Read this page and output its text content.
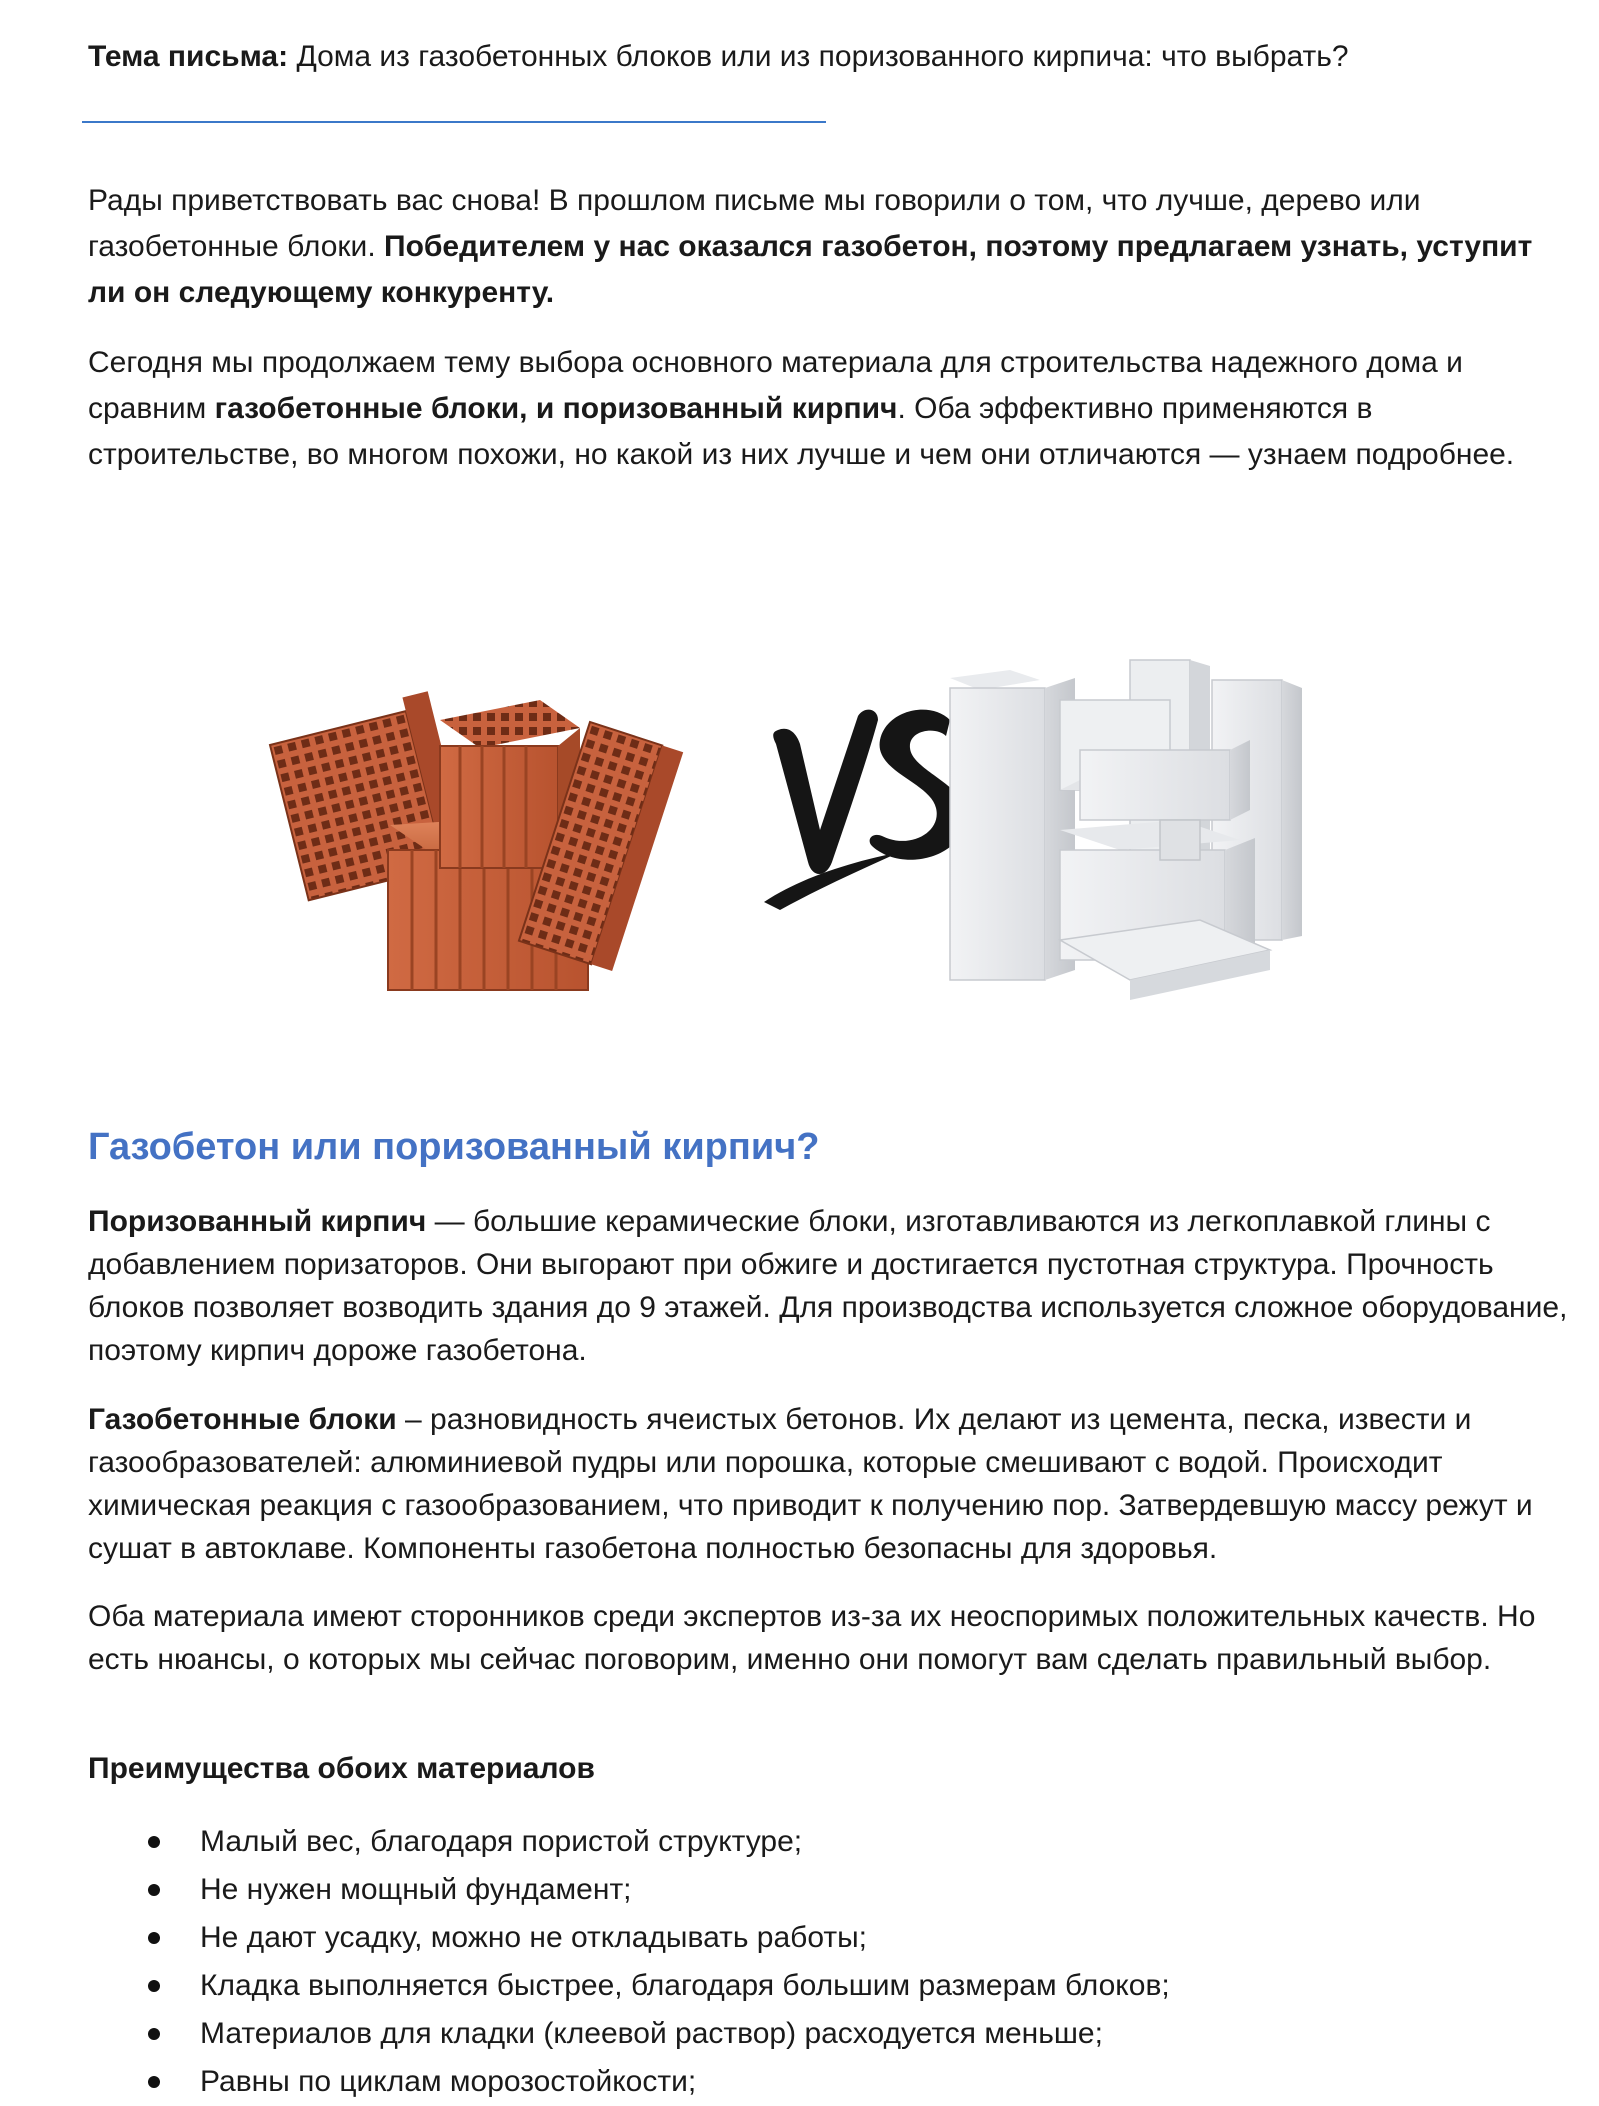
Тема письма: Дома из газобетонных блоков или из поризованного кирпича: что выбрать?

Рады приветствовать вас снова! В прошлом письме мы говорили о том, что лучше, дерево или газобетонные блоки. Победителем у нас оказался газобетон, поэтому предлагаем узнать, уступит ли он следующему конкуренту.

Сегодня мы продолжаем тему выбора основного материала для строительства надежного дома и сравним газобетонные блоки, и поризованный кирпич. Оба эффективно применяются в строительстве, во многом похожи, но какой из них лучше и чем они отличаются — узнаем подробнее.

VS
Газобетон или поризованный кирпич?

Поризованный кирпич — большие керамические блоки, изготавливаются из легкоплавкой глины с добавлением поризаторов. Они выгорают при обжиге и достигается пустотная структура. Прочность блоков позволяет возводить здания до 9 этажей. Для производства используется сложное оборудование, поэтому кирпич дороже газобетона.

Газобетонные блоки – разновидность ячеистых бетонов. Их делают из цемента, песка, извести и газообразователей: алюминиевой пудры или порошка, которые смешивают с водой. Происходит химическая реакция с газообразованием, что приводит к получению пор. Затвердевшую массу режут и сушат в автоклаве. Компоненты газобетона полностью безопасны для здоровья.

Оба материала имеют сторонников среди экспертов из-за их неоспоримых положительных качеств. Но есть нюансы, о которых мы сейчас поговорим, именно они помогут вам сделать правильный выбор.

Преимущества обоих материалов
Малый вес, благодаря пористой структуре;
Не нужен мощный фундамент;
Не дают усадку, можно не откладывать работы;
Кладка выполняется быстрее, благодаря большим размерам блоков;
Материалов для кладки (клеевой раствор) расходуется меньше;
Равны по циклам морозостойкости;
